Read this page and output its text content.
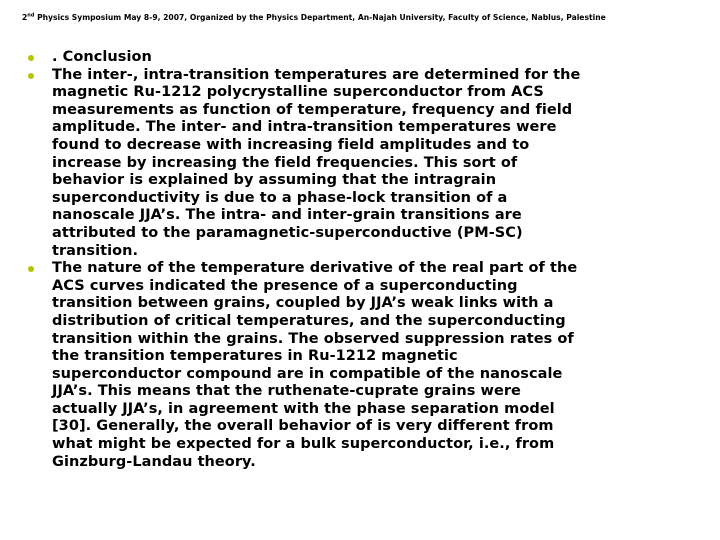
2nd Physics Symposium May 8-9, 2007, Organized by the Physics Department, An-Najah University, Faculty of Science, Nablus, Palestine

. Conclusion

The inter-, intra-transition temperatures are determined for the
magnetic Ru-1212 polycrystalline superconductor from ACS
measurements as function of temperature, frequency and field
amplitude. The inter- and intra-transition temperatures were
found to decrease with increasing field amplitudes and to
increase by increasing the field frequencies. This sort of
behavior is explained by assuming that the intragrain
superconductivity is due to a phase-lock transition of a
nanoscale JJA’s. The intra- and inter-grain transitions are
attributed to the paramagnetic-superconductive (PM-SC)
transition.

The nature of the temperature derivative of the real part of the
ACS curves indicated the presence of a superconducting
transition between grains, coupled by JJA’s weak links with a
distribution of critical temperatures, and the superconducting
transition within the grains. The observed suppression rates of
the transition temperatures in Ru-1212 magnetic
superconductor compound are in compatible of the nanoscale
JJA’s. This means that the ruthenate-cuprate grains were
actually JJA’s, in agreement with the phase separation model
[30]. Generally, the overall behavior of is very different from
what might be expected for a bulk superconductor, i.e., from
Ginzburg-Landau theory.
